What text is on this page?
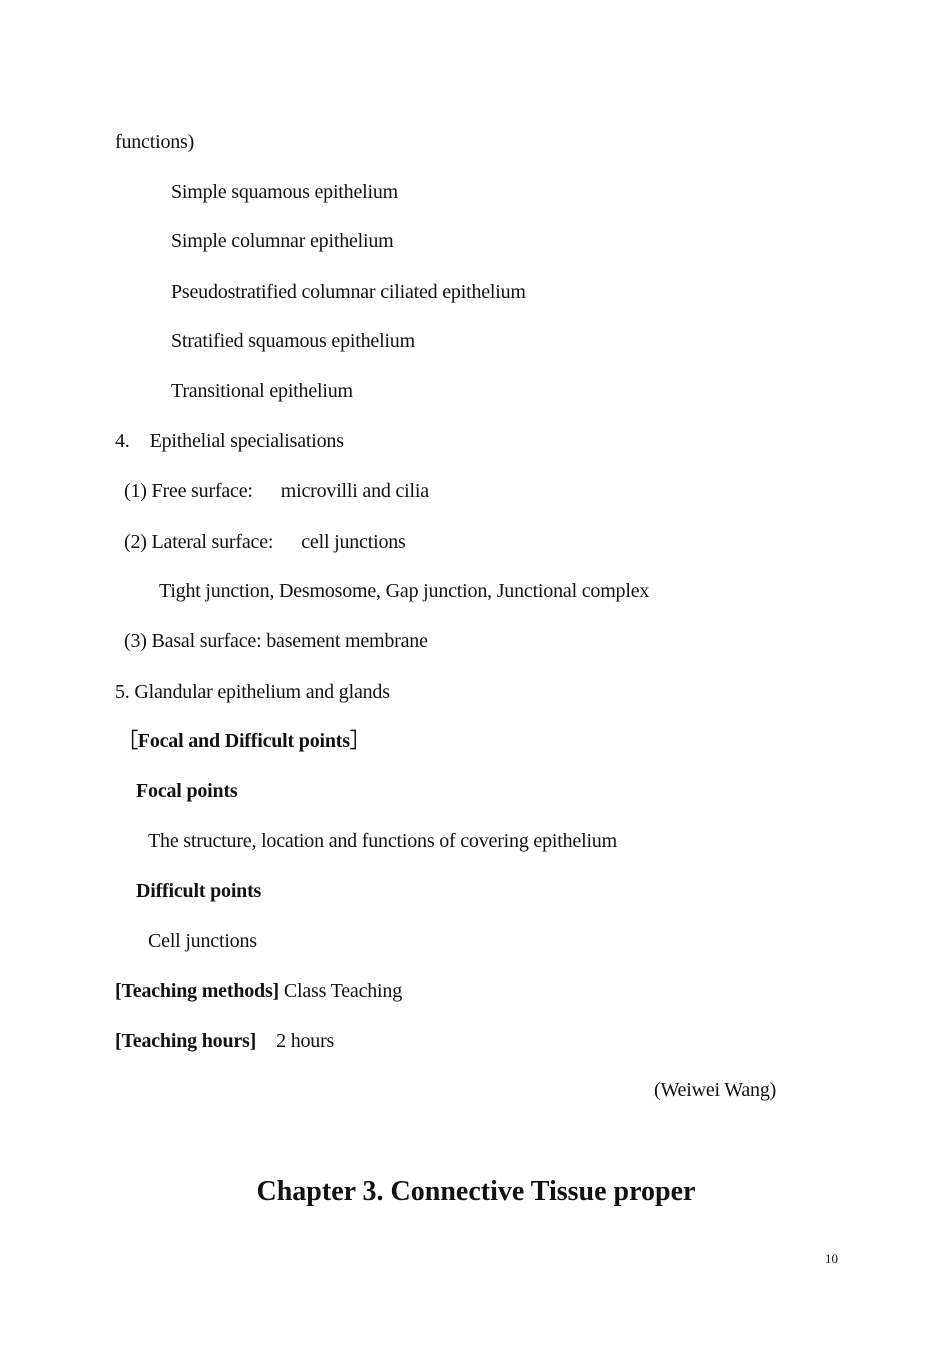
functions)
Simple squamous epithelium
Simple columnar epithelium
Pseudostratified columnar ciliated epithelium
Stratified squamous epithelium
Transitional epithelium
4. Epithelial specialisations
(1) Free surface: microvilli and cilia
(2) Lateral surface: cell junctions
Tight junction, Desmosome, Gap junction, Junctional complex
(3) Basal surface: basement membrane
5. Glandular epithelium and glands
［Focal and Difficult points］
Focal points
The structure, location and functions of covering epithelium
Difficult points
Cell junctions
[Teaching methods] Class Teaching
[Teaching hours] 2 hours
(Weiwei Wang)
Chapter 3. Connective Tissue proper
10
